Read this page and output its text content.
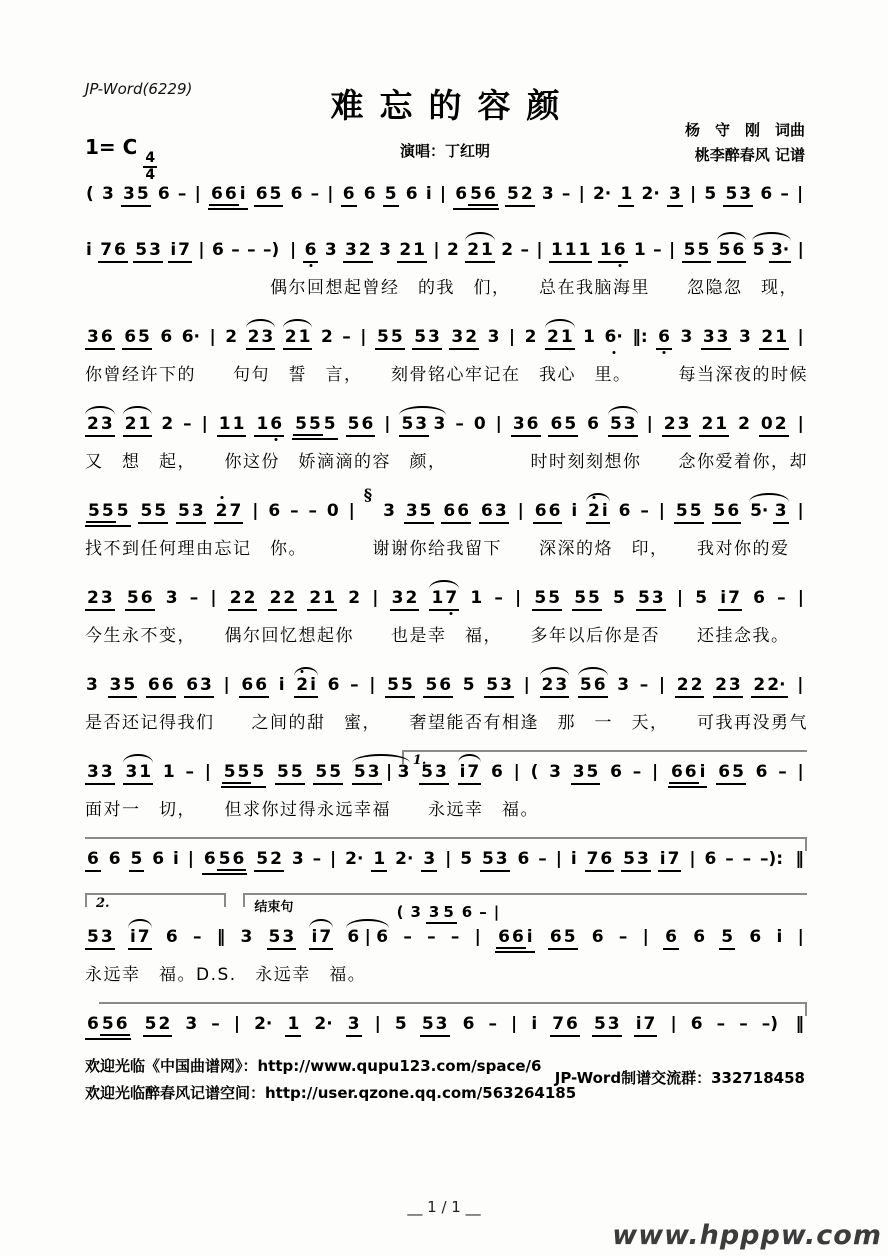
JP-Word(6229)	难忘的容颜
杨　守　刚　词曲
桃李醉春风 记谱
1= C
$\frac{4}{4}$	演唱：丁红明
(
  3
  3 5
  6
  –
  |
  6 6 i
  6 5
  6
  –
  |
  6
  6
  5
  6
  i
  |
  6 5 6
  5 2
  3
  –
  |
  2·
  1
  2·
  3
  |
  5
  5 3
  6
  –
  |
i
  7 6
  5 3
  i 7
  |
  6
  –
  –
  –)
   |
  6
  3
  3 2
  3
  2 1
  |
  2
  2 1
  2
  –
  |
  1 1 1
  1 6
  1
  –
  |
  5 5
  5 6
  5  3·
  |
　　　　　　　　　　偶尔回想起曾经　的我　们，　　总在我脑海里　　忽隐忽　现，
3 6
  6 5
  6
  6·
  |
  2
  2 3
  2 1
  2
  –
  |
  5 5
  5 3
  3 2
  3
  |
  2
  2 1
  1
  6·
  ‖:
  6
  3
  3 3
  3
  2 1
  |
你曾经许下的　　句句　誓　言，　　刻骨铭心牢记在　我心　里。　　　每当深夜的时候
2 3
  2 1
  2
  –
  |
  1 1
  1 6
  5 5 5
  5 6
  |
  5 3  3
  –
  0
  |
  3 6
  6 5
  6
  5 3
  |
  2 3
  2 1
  2
  0 2
  |
又　想　起，　　你这份　娇滴滴的容　颜，　　　　　时时刻刻想你　　念你爱着你，却
5 5 5
  5 5
  5 3
  2 7
  |
  6
  –
  –
  0
  |

§

3
  3 5
  6 6
  6 3
  |
  6 6
  i
  2 i
  6
  –
  |
  5 5
  5 6
  5·  3
  |
找不到任何理由忘记　你。　　　　谢谢你给我留下　　深深的烙　印，　　我对你的爱
2 3
  5 6
  3
  –
  |
  2 2
  2 2
  2 1
  2
  |
  3 2
  1 7
  1
  –
  |
  5 5
  5 5
  5
  5 3
  |
  5
  i 7
  6
  –
  |
今生永不变，　　偶尔回忆想起你　　也是幸　福，　　多年以后你是否　　还挂念我。
3
  3 5
  6 6
  6 3
  |
  6 6
  i
  2 i
  6
  –
  |
  5 5
  5 6
  5
  5 3
  |
  2 3
  5 6
  3
  –
  |
  2 2
  2 3
  2 2·
  |
是否还记得我们　　之间的甜　蜜，　　奢望能否有相逢　那　一　天，　　可我再没勇气
1.
3 3
  3 1
  1
  –
  |
  5 5 5
  5 5
  5 5
  5 3  |  3
  5 3
  i 7
  6
  |
  (
  3
  3 5
  6
  –
  |
  6 6 i
  6 5
  6
  –
  |
面对一　切，　　但求你过得永远幸福　　永远幸　福。
6
  6
  5
  6
  i
  |
  6 5 6
  5 2
  3
  –
  |
  2·
  1
  2·
  3
  |
  5
  5 3
  6
  –
  |
  i
  7 6
  5 3
  i 7
  |
  6
  –
  –
  –):
   ‖
2.	结束句	(  3  3 5  6  –  |
5 3
  i 7
  6
  –
  ‖
  3
  5 3
  i 7
  6  |  6
  –
  –
  –
  |
  6 6 i
  6 5
  6
  –
  |
  6
  6
  5
  6
  i
  |
永远幸　福。D.S.　永远幸　福。
6 5 6
  5 2
  3
  –
  |
  2·
  1
  2·
  3
  |
  5
  5 3
  6
  –
  |
  i
  7 6
  5 3
  i 7
  |
  6
  –
  –
  –)
   ‖
欢迎光临《中国曲谱网》：http://www.qupu123.com/space/6
欢迎光临醉春风记谱空间：http://user.qzone.qq.com/563264185
JP-Word制谱交流群：332718458
__ 1 / 1 __
www.hpppw.com
